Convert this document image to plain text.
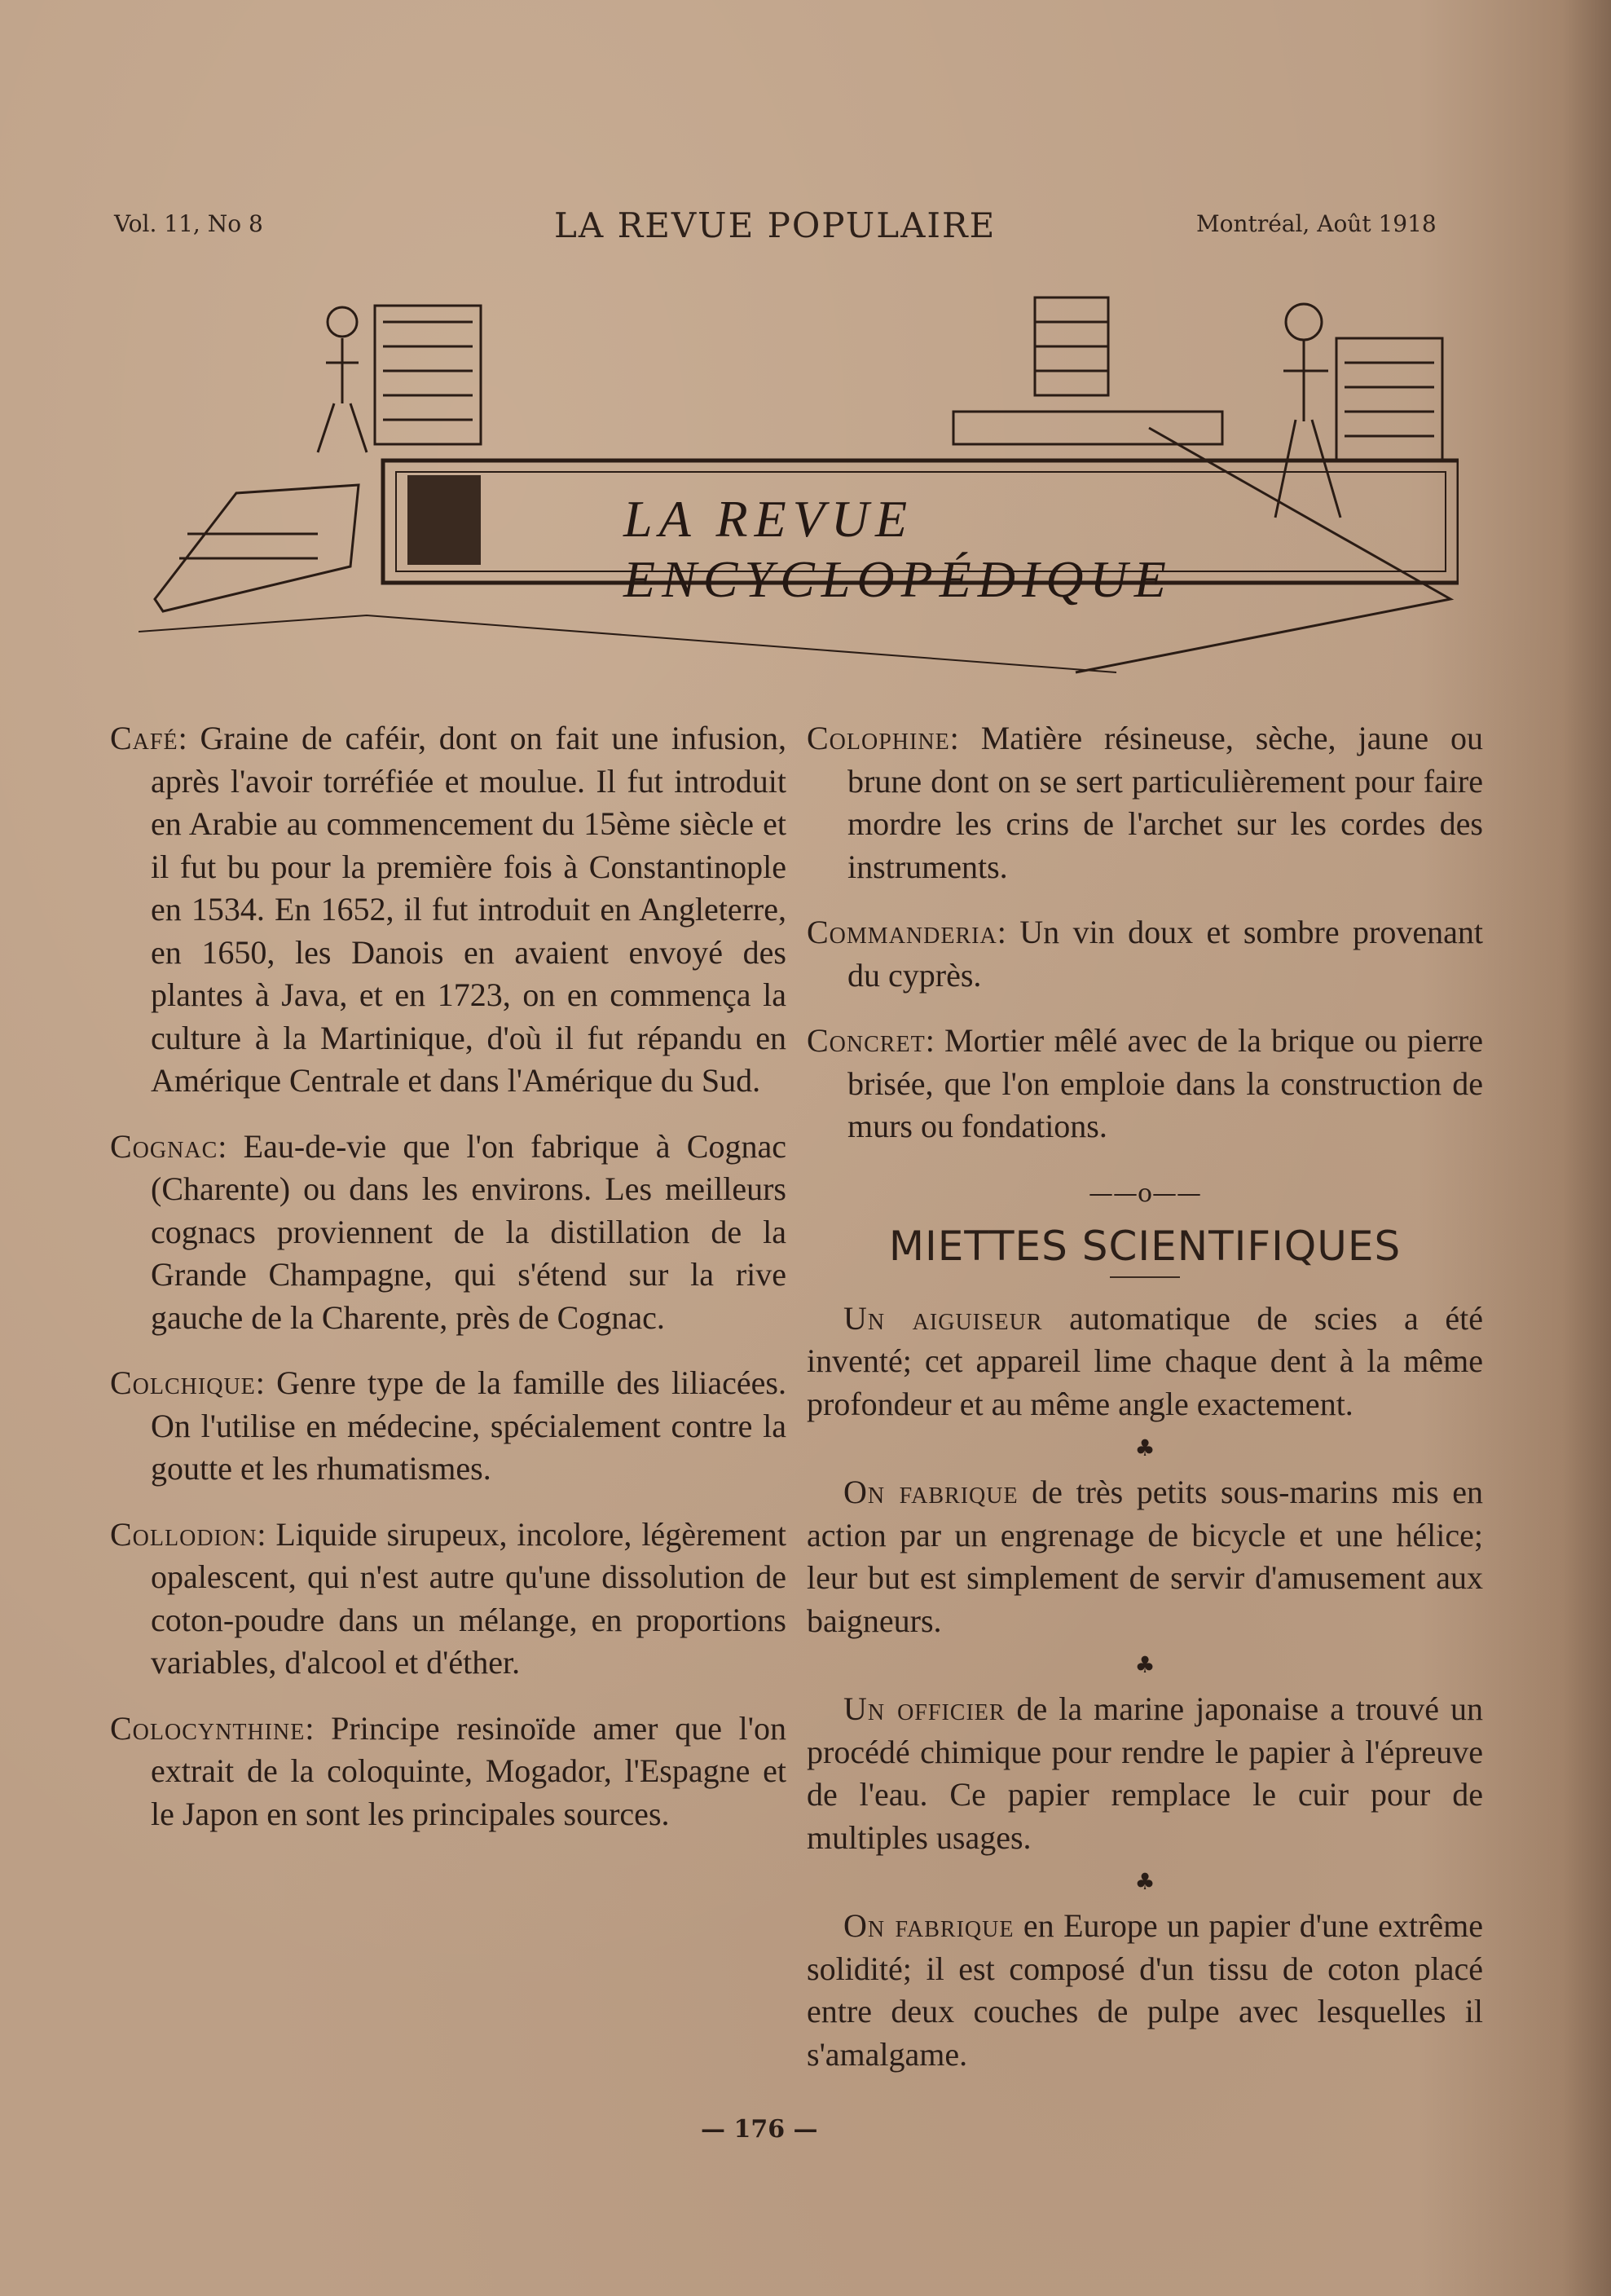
Vol. 11, No 8	LA REVUE POPULAIRE	Montréal, Août 1918
LA REVUE ENCYCLOPÉDIQUE

Café: Graine de caféir, dont on fait une infusion, après l'avoir torréfiée et moulue. Il fut introduit en Arabie au commencement du 15ème siècle et il fut bu pour la première fois à Constantinople en 1534. En 1652, il fut introduit en Angleterre, en 1650, les Danois en avaient envoyé des plantes à Java, et en 1723, on en commença la culture à la Martinique, d'où il fut répandu en Amérique Centrale et dans l'Amérique du Sud.

Cognac: Eau-de-vie que l'on fabrique à Cognac (Charente) ou dans les environs. Les meilleurs cognacs proviennent de la distillation de la Grande Champagne, qui s'étend sur la rive gauche de la Charente, près de Cognac.

Colchique: Genre type de la famille des liliacées. On l'utilise en médecine, spécialement contre la goutte et les rhumatismes.

Collodion: Liquide sirupeux, incolore, légèrement opalescent, qui n'est autre qu'une dissolution de coton-poudre dans un mélange, en proportions variables, d'alcool et d'éther.

Colocynthine: Principe resinoïde amer que l'on extrait de la coloquinte, Mogador, l'Espagne et le Japon en sont les principales sources.

Colophine: Matière résineuse, sèche, jaune ou brune dont on se sert particulièrement pour faire mordre les crins de l'archet sur les cordes des instruments.

Commanderia: Un vin doux et sombre provenant du cyprès.

Concret: Mortier mêlé avec de la brique ou pierre brisée, que l'on emploie dans la construction de murs ou fondations.

——o——
MIETTES SCIENTIFIQUES

Un aiguiseur automatique de scies a été inventé; cet appareil lime chaque dent à la même profondeur et au même angle exactement.

♣

On fabrique de très petits sous-marins mis en action par un engrenage de bicycle et une hélice; leur but est simplement de servir d'amusement aux baigneurs.

♣

Un officier de la marine japonaise a trouvé un procédé chimique pour rendre le papier à l'épreuve de l'eau. Ce papier remplace le cuir pour de multiples usages.

♣

On fabrique en Europe un papier d'une extrême solidité; il est composé d'un tissu de coton placé entre deux couches de pulpe avec lesquelles il s'amalgame.

— 176 —
